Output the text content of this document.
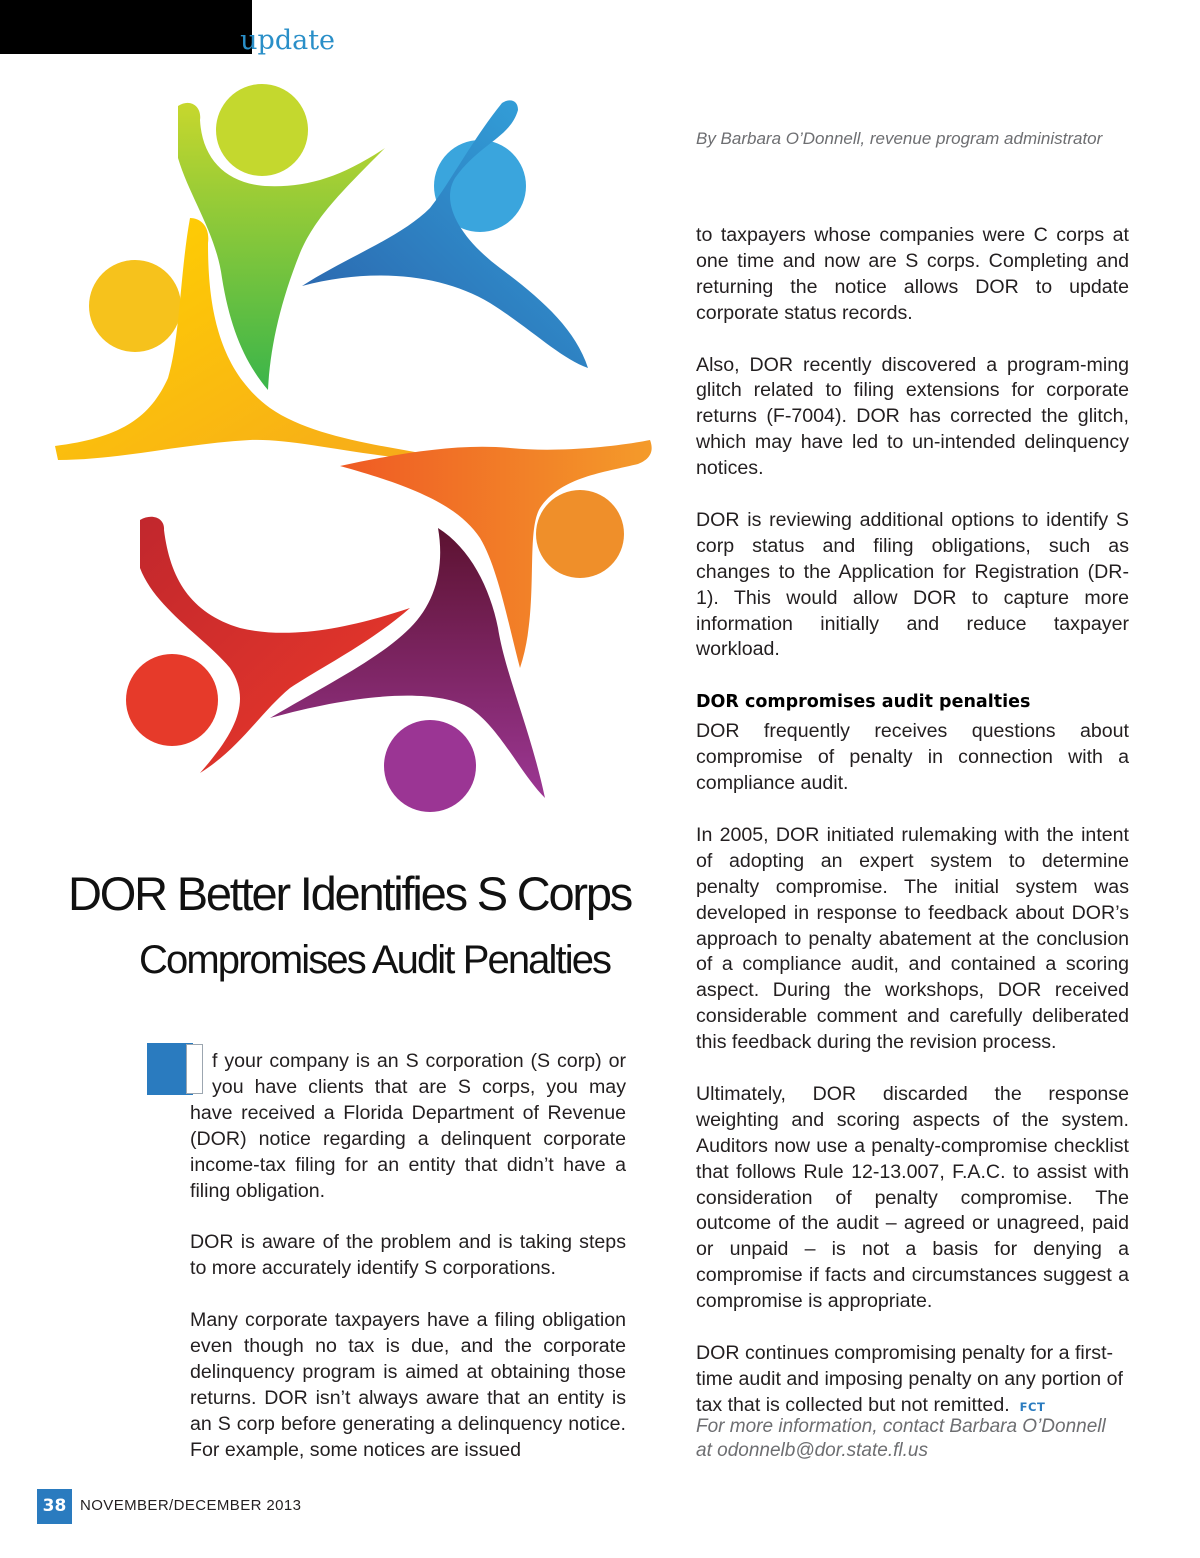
DORupdate
By Barbara O’Donnell, revenue program administrator
DOR Better Identifies S Corps
Compromises Audit Penalties

f your company is an S corporation (S corp) or you have clients that are S corps, you may have received a Florida Department of Revenue (DOR) notice regarding a delinquent corporate income-tax filing for an entity that didn’t have a filing obligation.

DOR is aware of the problem and is taking steps to more accurately identify S corporations.

Many corporate taxpayers have a filing obligation even though no tax is due, and the corporate delinquency program is aimed at obtaining those returns. DOR isn’t always aware that an entity is an S corp before generating a delinquency notice. For example, some notices are issued

to taxpayers whose companies were C corps at one time and now are S corps. Completing and returning the notice allows DOR to update corporate status records.

Also, DOR recently discovered a program-ming glitch related to filing extensions for corporate returns (F-7004). DOR has corrected the glitch, which may have led to un-intended delinquency notices.

DOR is reviewing additional options to identify S corp status and filing obligations, such as changes to the Application for Registration (DR-1). This would allow DOR to capture more information initially and reduce taxpayer workload.

DOR compromises audit penalties

DOR frequently receives questions about compromise of penalty in connection with a compliance audit.

In 2005, DOR initiated rulemaking with the intent of adopting an expert system to determine penalty compromise. The initial system was developed in response to feedback about DOR’s approach to penalty abatement at the conclusion of a compliance audit, and contained a scoring aspect. During the workshops, DOR received considerable comment and carefully deliberated this feedback during the revision process.

Ultimately, DOR discarded the response weighting and scoring aspects of the system. Auditors now use a penalty-compromise checklist that follows Rule 12-13.007, F.A.C. to assist with consideration of penalty compromise. The outcome of the audit – agreed or unagreed, paid or unpaid – is not a basis for denying a compromise if facts and circumstances suggest a compromise is appropriate.

DOR continues compromising penalty for a first-time audit and imposing penalty on any portion of tax that is collected but not remitted. FCT

For more information, contact Barbara O’Donnell
at odonnelb@dor.state.fl.us
38 NOVEMBER/DECEMBER 2013
